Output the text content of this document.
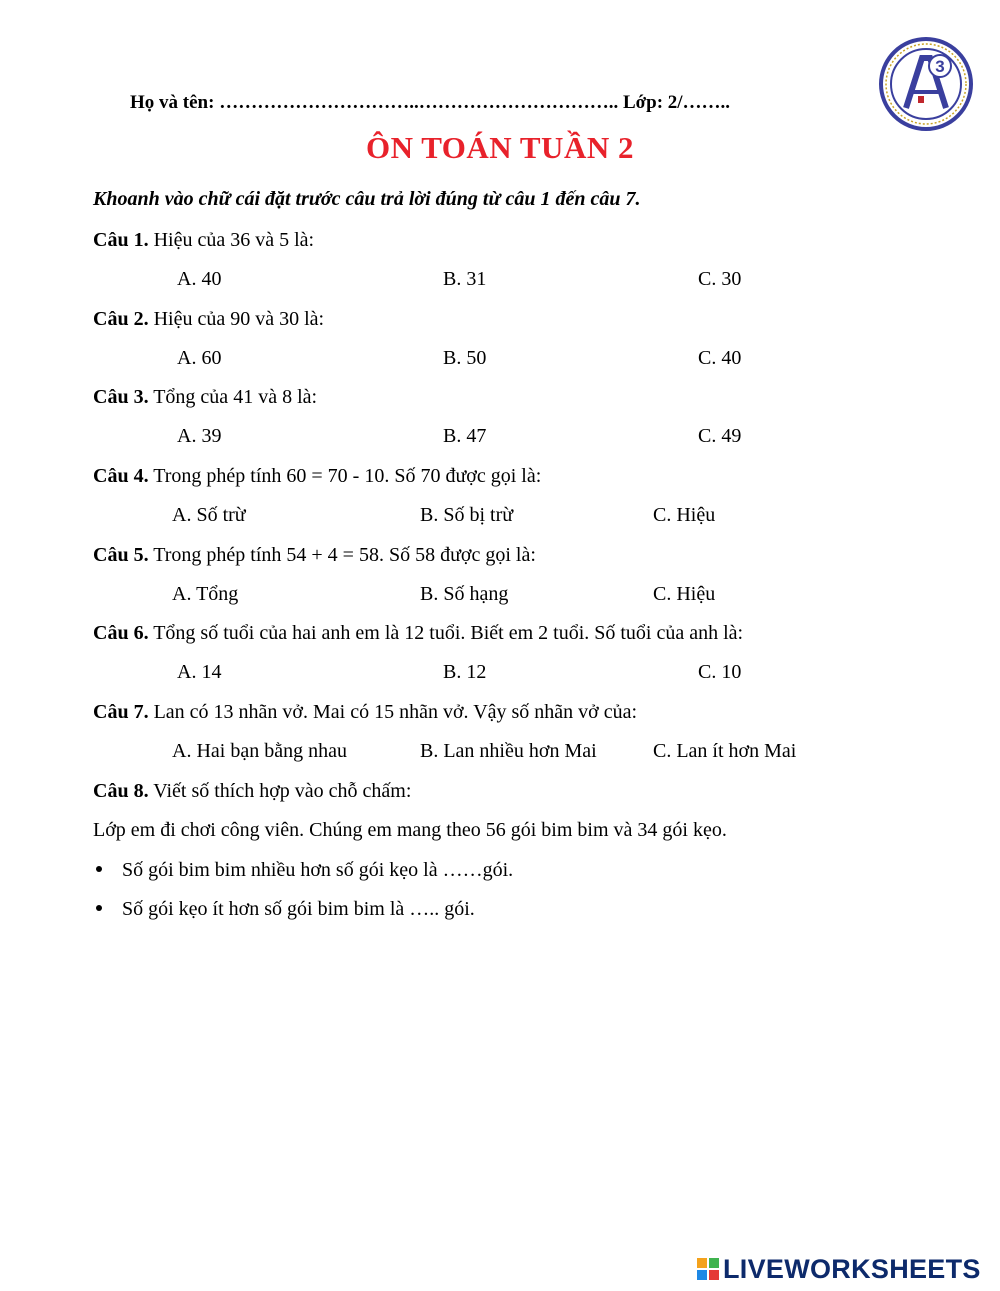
Họ và tên: …………………………..………………………….. Lớp: 2/……..
3
ÔN TOÁN TUẦN 2
Khoanh vào chữ cái đặt trước câu trả lời đúng từ câu 1 đến câu 7.
Câu 1. Hiệu của 36 và 5 là:
A. 40	B. 31	C. 30
Câu 2. Hiệu của 90 và 30 là:
A. 60	B. 50	C. 40
Câu 3. Tổng của 41 và 8 là:
A. 39	B. 47	C. 49
Câu 4. Trong phép tính 60 = 70 - 10. Số 70 được gọi là:
A. Số trừ	B. Số bị trừ	C. Hiệu
Câu 5. Trong phép tính 54 + 4 = 58. Số 58 được gọi là:
A. Tổng	B. Số hạng	C. Hiệu
Câu 6. Tổng số tuổi của hai anh em là 12 tuổi. Biết em 2 tuổi. Số tuổi của anh là:
A. 14	B. 12	C. 10
Câu 7. Lan có 13 nhãn vở. Mai có 15 nhãn vở. Vậy số nhãn vở của:
A. Hai bạn bằng nhau	B. Lan nhiều hơn Mai	C. Lan ít hơn Mai
Câu 8. Viết số thích hợp vào chỗ chấm:
Lớp em đi chơi công viên. Chúng em mang theo 56 gói bim bim và 34 gói kẹo.
Số gói bim bim nhiều hơn số gói kẹo là ……gói.
Số gói kẹo ít hơn số gói bim bim là ….. gói.
LIVEWORKSHEETS
